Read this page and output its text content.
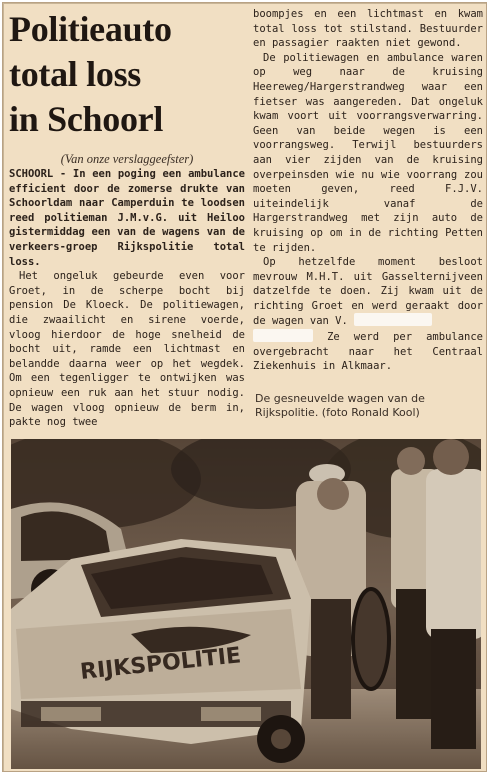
Politieauto
total loss
in Schoorl
(Van onze verslaggeefster)

SCHOORL - In een poging een ambulance efficient door de zomerse drukte van Schoorldam naar Camperduin te loodsen reed politieman J.M.v.G. uit Heiloo gistermiddag een van de wagens van de verkeers-groep Rijkspolitie total loss.

Het ongeluk gebeurde even voor Groet, in de scherpe bocht bij pension De Kloeck. De politiewagen, die zwaailicht en sirene voerde, vloog hierdoor de hoge snelheid de bocht uit, ramde een lichtmast en belandde daarna weer op het wegdek. Om een tegenligger te ontwijken was opnieuw een ruk aan het stuur nodig. De wagen vloog opnieuw de berm in, pakte nog twee

boompjes en een lichtmast en kwam total loss tot stilstand. Bestuurder en passagier raakten niet gewond.

De politiewagen en ambulance waren op weg naar de kruising Heereweg/Hargerstrandweg waar een fietser was aangereden. Dat ongeluk kwam voort uit voorrangsverwarring. Geen van beide wegen is een voorrangsweg. Terwijl bestuurders aan vier zijden van de kruising overpeinsden wie nu wie voorrang zou moeten geven, reed F.J.V. uiteindelijk vanaf de Hargerstrandweg met zijn auto de kruising op om in de richting Petten te rijden.

Op hetzelfde moment besloot mevrouw M.H.T. uit Gasselternijveen datzelfde te doen. Zij kwam uit de richting Groet en werd geraakt door de wagen van V.
Ze werd per ambulance overgebracht naar het Centraal Ziekenhuis in Alkmaar.

De gesneuvelde wagen van de Rijkspolitie. (foto Ronald Kool)
RIJKSPOLITIE
